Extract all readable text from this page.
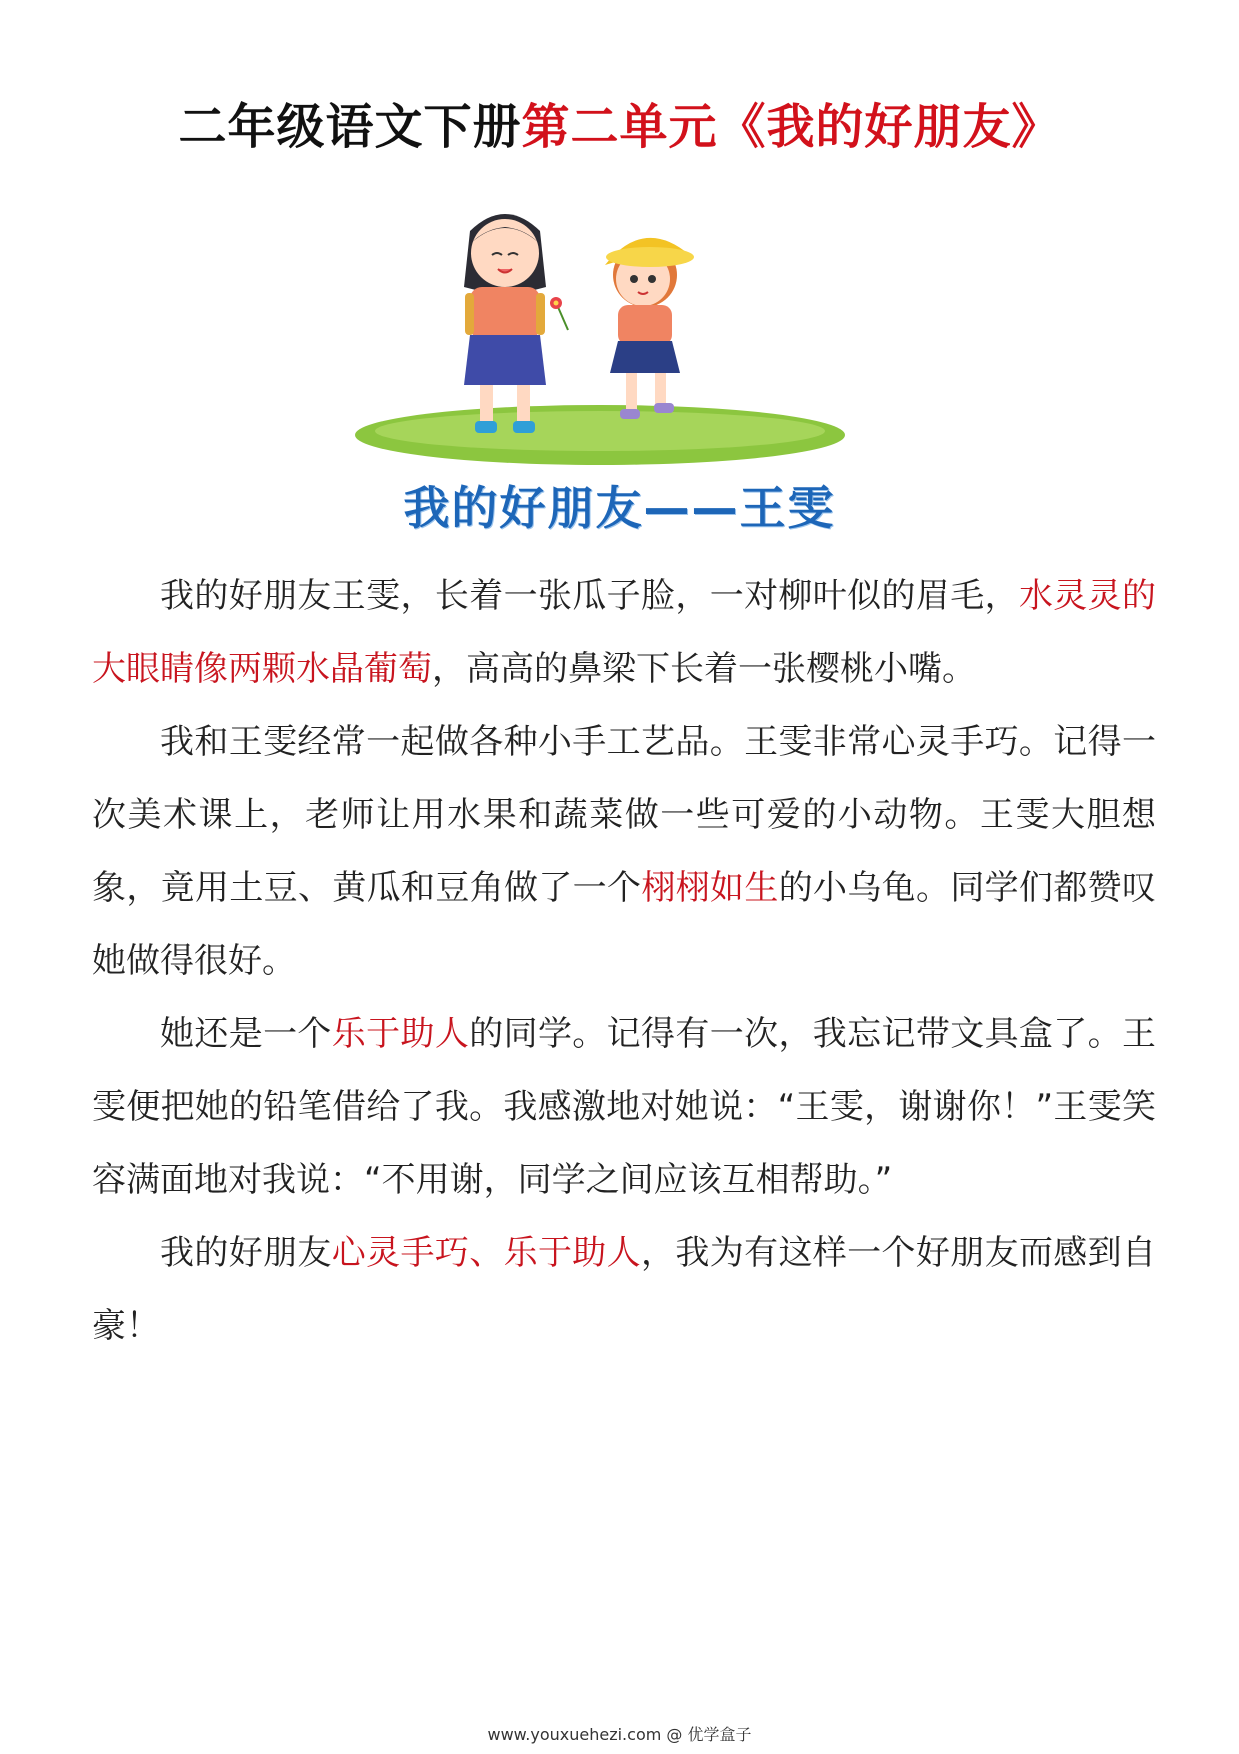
二年级语文下册第二单元《我的好朋友》
我的好朋友——王雯

我的好朋友王雯，长着一张瓜子脸，一对柳叶似的眉毛，水灵灵的大眼睛像两颗水晶葡萄，高高的鼻梁下长着一张樱桃小嘴。

我和王雯经常一起做各种小手工艺品。王雯非常心灵手巧。记得一次美术课上，老师让用水果和蔬菜做一些可爱的小动物。王雯大胆想象，竟用土豆、黄瓜和豆角做了一个栩栩如生的小乌龟。同学们都赞叹她做得很好。

她还是一个乐于助人的同学。记得有一次，我忘记带文具盒了。王雯便把她的铅笔借给了我。我感激地对她说：“王雯，谢谢你！”王雯笑容满面地对我说：“不用谢，同学之间应该互相帮助。”

我的好朋友心灵手巧、乐于助人，我为有这样一个好朋友而感到自豪！

www.youxuehezi.com @ 优学盒子
